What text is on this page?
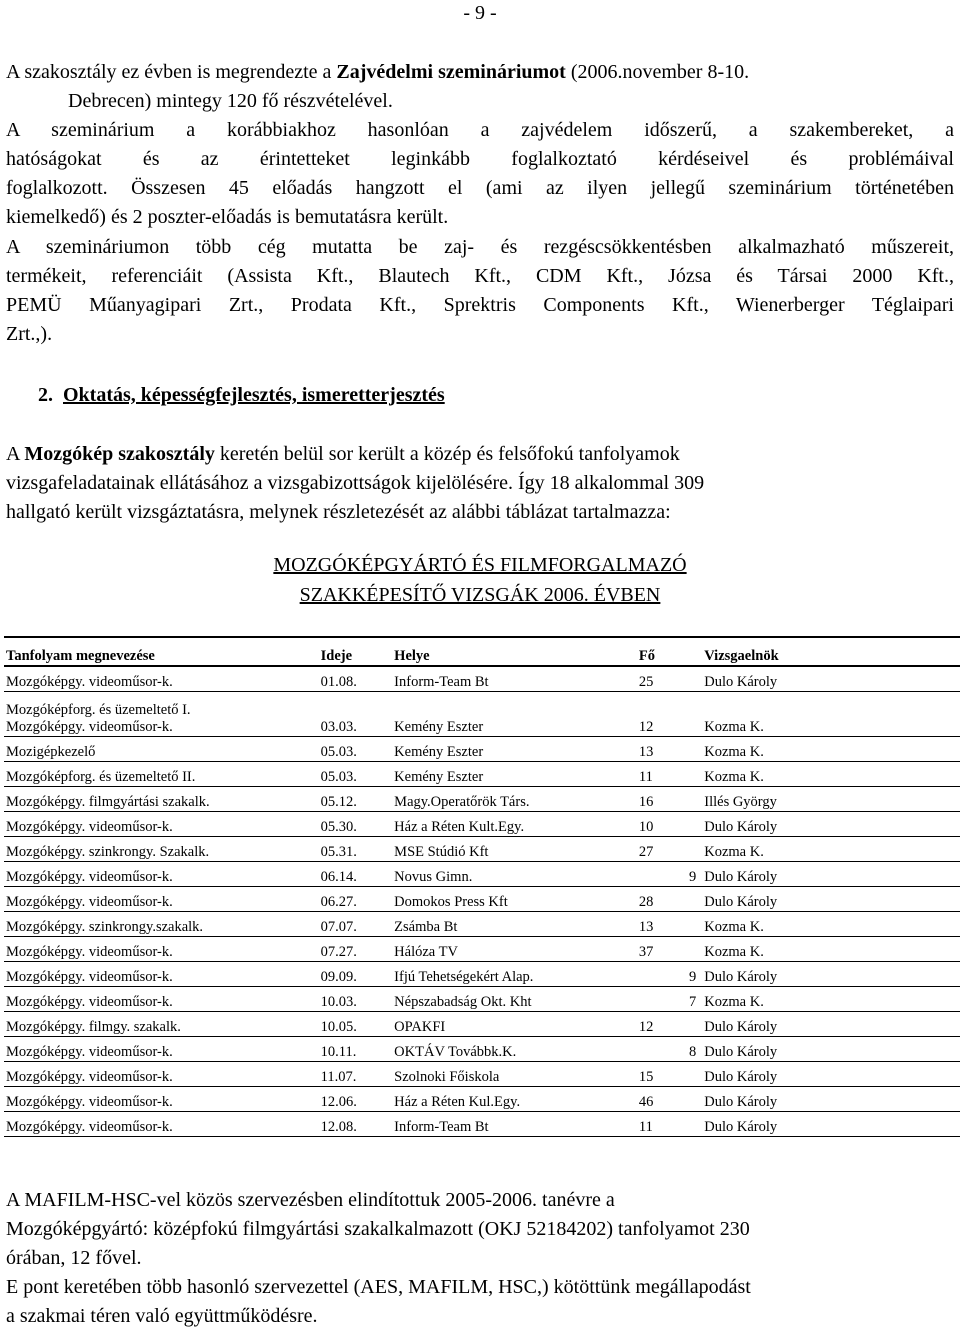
- 9 -
A szakosztály ez évben is megrendezte a Zajvédelmi szemináriumot (2006.november 8-10.
Debrecen) mintegy 120 fő részvételével.
A szeminárium a korábbiakhoz hasonlóan a zajvédelem időszerű, a szakembereket, a
hatóságokat és az érintetteket leginkább foglalkoztató kérdéseivel és problémáival
foglalkozott. Összesen 45 előadás hangzott el (ami az ilyen jellegű szeminárium történetében
kiemelkedő) és 2 poszter-előadás is bemutatásra került.
A szemináriumon több cég mutatta be zaj- és rezgéscsökkentésben alkalmazható műszereit,
termékeit, referenciáit (Assista Kft., Blautech Kft., CDM Kft., Józsa és Társai 2000 Kft.,
PEMÜ Műanyagipari Zrt., Prodata Kft., Sprektris Components Kft., Wienerberger Téglaipari
Zrt.,).
2. Oktatás, képességfejlesztés, ismeretterjesztés
A Mozgókép szakosztály keretén belül sor került a közép és felsőfokú tanfolyamok
vizsgafeladatainak ellátásához a vizsgabizottságok kijelölésére. Így 18 alkalommal 309
hallgató került vizsgáztatásra, melynek részletezését az alábbi táblázat tartalmazza:
MOZGÓKÉPGYÁRTÓ ÉS FILMFORGALMAZÓ
SZAKKÉPESÍTŐ VIZSGÁK 2006. ÉVBEN
Tanfolyam megnevezése	Ideje	Helye	Fő	Vizsgaelnök
Mozgóképgy. videoműsor-k.	01.08.	Inform-Team Bt	25	Dulo Károly

Mozgóképforg. és üzemeltető I.
Mozgóképgy. videoműsor-k.	03.03.	Kemény Eszter	12	Kozma K.
Mozigépkezelő	05.03.	Kemény Eszter	13	Kozma K.
Mozgóképforg. és üzemeltető II.	05.03.	Kemény Eszter	11	Kozma K.
Mozgóképgy. filmgyártási szakalk.	05.12.	Magy.Operatőrök Társ.	16	Illés György
Mozgóképgy. videoműsor-k.	05.30.	Ház a Réten Kult.Egy.	10	Dulo Károly
Mozgóképgy. szinkrongy. Szakalk.	05.31.	MSE Stúdió Kft	27	Kozma K.
Mozgóképgy. videoműsor-k.	06.14.	Novus Gimn.	9	Dulo Károly
Mozgóképgy. videoműsor-k.	06.27.	Domokos Press Kft	28	Dulo Károly
Mozgóképgy. szinkrongy.szakalk.	07.07.	Zsámba Bt	13	Kozma K.
Mozgóképgy. videoműsor-k.	07.27.	Hálóza TV	37	Kozma K.
Mozgóképgy. videoműsor-k.	09.09.	Ifjú Tehetségekért Alap.	9	Dulo Károly
Mozgóképgy. videoműsor-k.	10.03.	Népszabadság Okt. Kht	7	Kozma K.
Mozgóképgy. filmgy. szakalk.	10.05.	OPAKFI	12	Dulo Károly
Mozgóképgy. videoműsor-k.	10.11.	OKTÁV Továbbk.K.	8	Dulo Károly
Mozgóképgy. videoműsor-k.	11.07.	Szolnoki Főiskola	15	Dulo Károly
Mozgóképgy. videoműsor-k.	12.06.	Ház a Réten Kul.Egy.	46	Dulo Károly
Mozgóképgy. videoműsor-k.	12.08.	Inform-Team Bt	11	Dulo Károly
A MAFILM-HSC-vel közös szervezésben elindítottuk 2005-2006. tanévre a
Mozgóképgyártó: középfokú filmgyártási szakalkalmazott (OKJ 52184202) tanfolyamot 230
órában, 12 fővel.
E pont keretében több hasonló szervezettel (AES, MAFILM, HSC,) kötöttünk megállapodást
a szakmai téren való együttműködésre.
